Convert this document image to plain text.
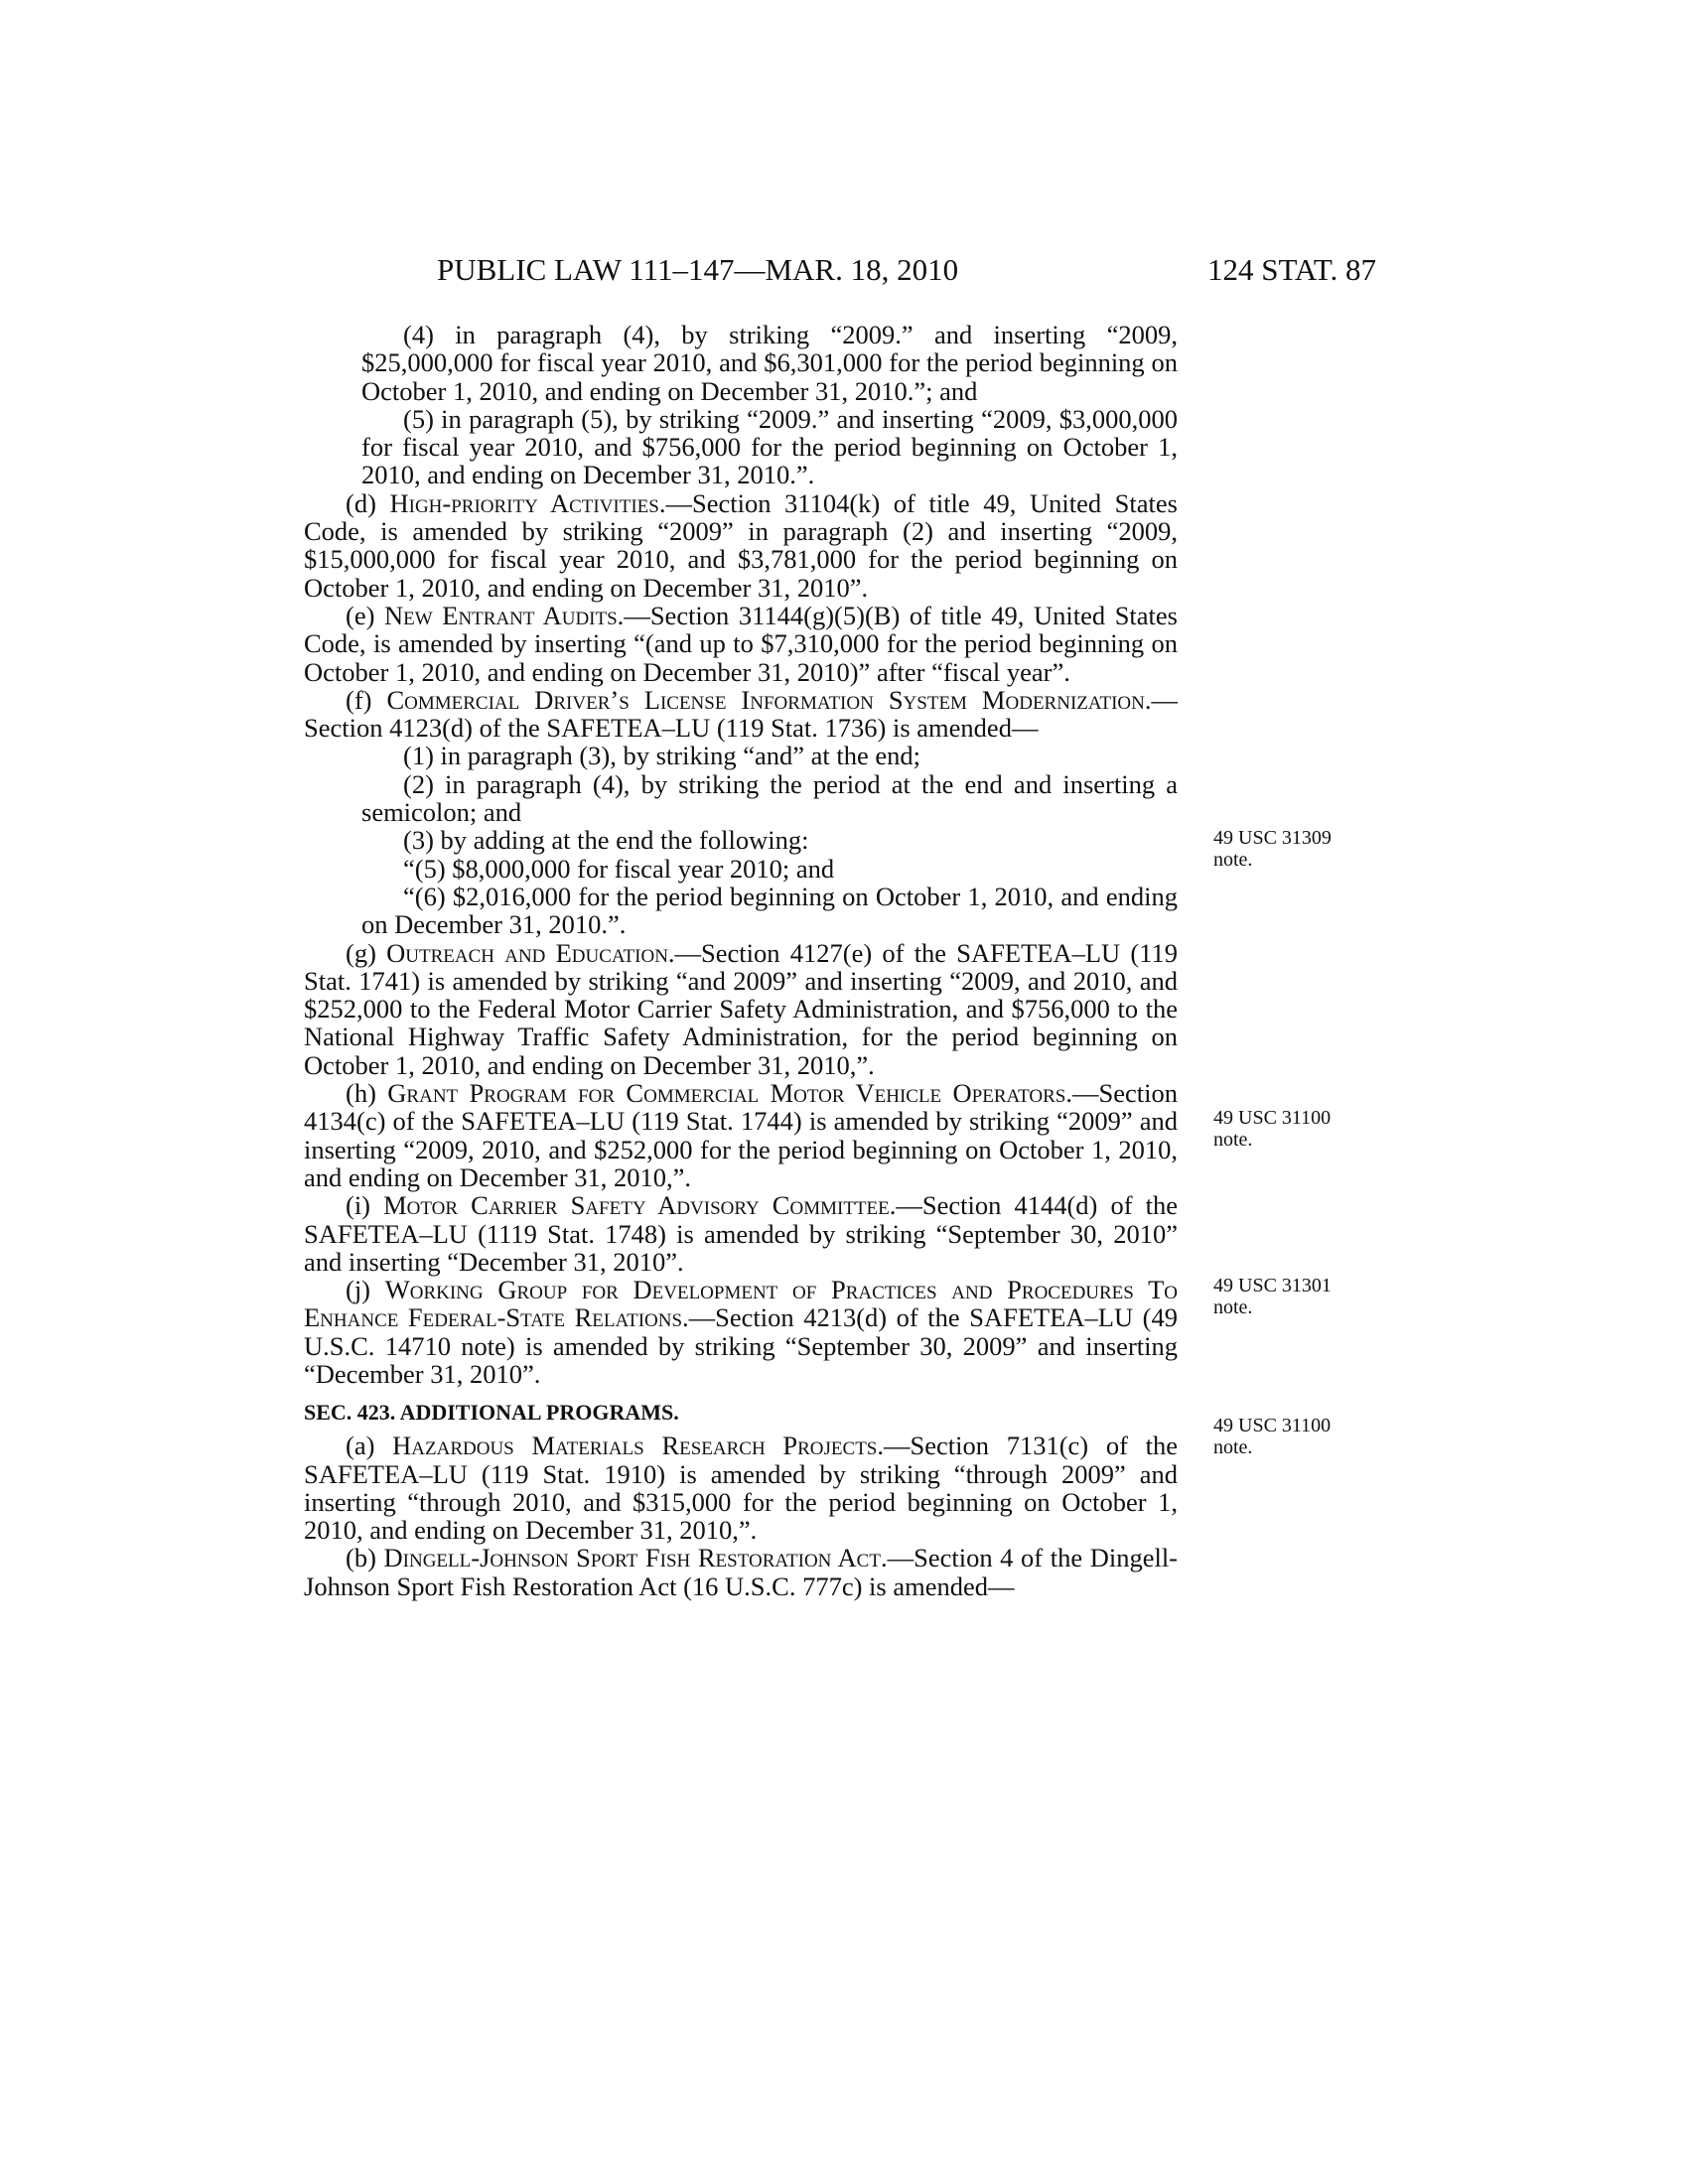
PUBLIC LAW 111–147—MAR. 18, 2010	124 STAT. 87

(4) in paragraph (4), by striking “2009.” and inserting “2009, $25,000,000 for fiscal year 2010, and $6,301,000 for the period beginning on October 1, 2010, and ending on December 31, 2010.”; and

(5) in paragraph (5), by striking “2009.” and inserting “2009, $3,000,000 for fiscal year 2010, and $756,000 for the period beginning on October 1, 2010, and ending on December 31, 2010.”.

(d) High-priority Activities.—Section 31104(k) of title 49, United States Code, is amended by striking “2009” in paragraph (2) and inserting “2009, $15,000,000 for fiscal year 2010, and $3,781,000 for the period beginning on October 1, 2010, and ending on December 31, 2010”.

(e) New Entrant Audits.—Section 31144(g)(5)(B) of title 49, United States Code, is amended by inserting “(and up to $7,310,000 for the period beginning on October 1, 2010, and ending on December 31, 2010)” after “fiscal year”.

(f) Commercial Driver’s License Information System Modernization.—Section 4123(d) of the SAFETEA–LU (119 Stat. 1736) is amended—

(1) in paragraph (3), by striking “and” at the end;

(2) in paragraph (4), by striking the period at the end and inserting a semicolon; and

(3) by adding at the end the following:

“(5) $8,000,000 for fiscal year 2010; and

“(6) $2,016,000 for the period beginning on October 1, 2010, and ending on December 31, 2010.”.

(g) Outreach and Education.—Section 4127(e) of the SAFETEA–LU (119 Stat. 1741) is amended by striking “and 2009” and inserting “2009, and 2010, and $252,000 to the Federal Motor Carrier Safety Administration, and $756,000 to the National Highway Traffic Safety Administration, for the period beginning on October 1, 2010, and ending on December 31, 2010,”.

(h) Grant Program for Commercial Motor Vehicle Operators.—Section 4134(c) of the SAFETEA–LU (119 Stat. 1744) is amended by striking “2009” and inserting “2009, 2010, and $252,000 for the period beginning on October 1, 2010, and ending on December 31, 2010,”.

(i) Motor Carrier Safety Advisory Committee.—Section 4144(d) of the SAFETEA–LU (1119 Stat. 1748) is amended by striking “September 30, 2010” and inserting “December 31, 2010”.

(j) Working Group for Development of Practices and Procedures To Enhance Federal-State Relations.—Section 4213(d) of the SAFETEA–LU (49 U.S.C. 14710 note) is amended by striking “September 30, 2009” and inserting “December 31, 2010”.

SEC. 423. ADDITIONAL PROGRAMS.

(a) Hazardous Materials Research Projects.—Section 7131(c) of the SAFETEA–LU (119 Stat. 1910) is amended by striking “through 2009” and inserting “through 2010, and $315,000 for the period beginning on October 1, 2010, and ending on December 31, 2010,”.

(b) Dingell-Johnson Sport Fish Restoration Act.—Section 4 of the Dingell-Johnson Sport Fish Restoration Act (16 U.S.C. 777c) is amended—

49 USC 31309
note.
49 USC 31100
note.
49 USC 31301
note.
49 USC 31100
note.
